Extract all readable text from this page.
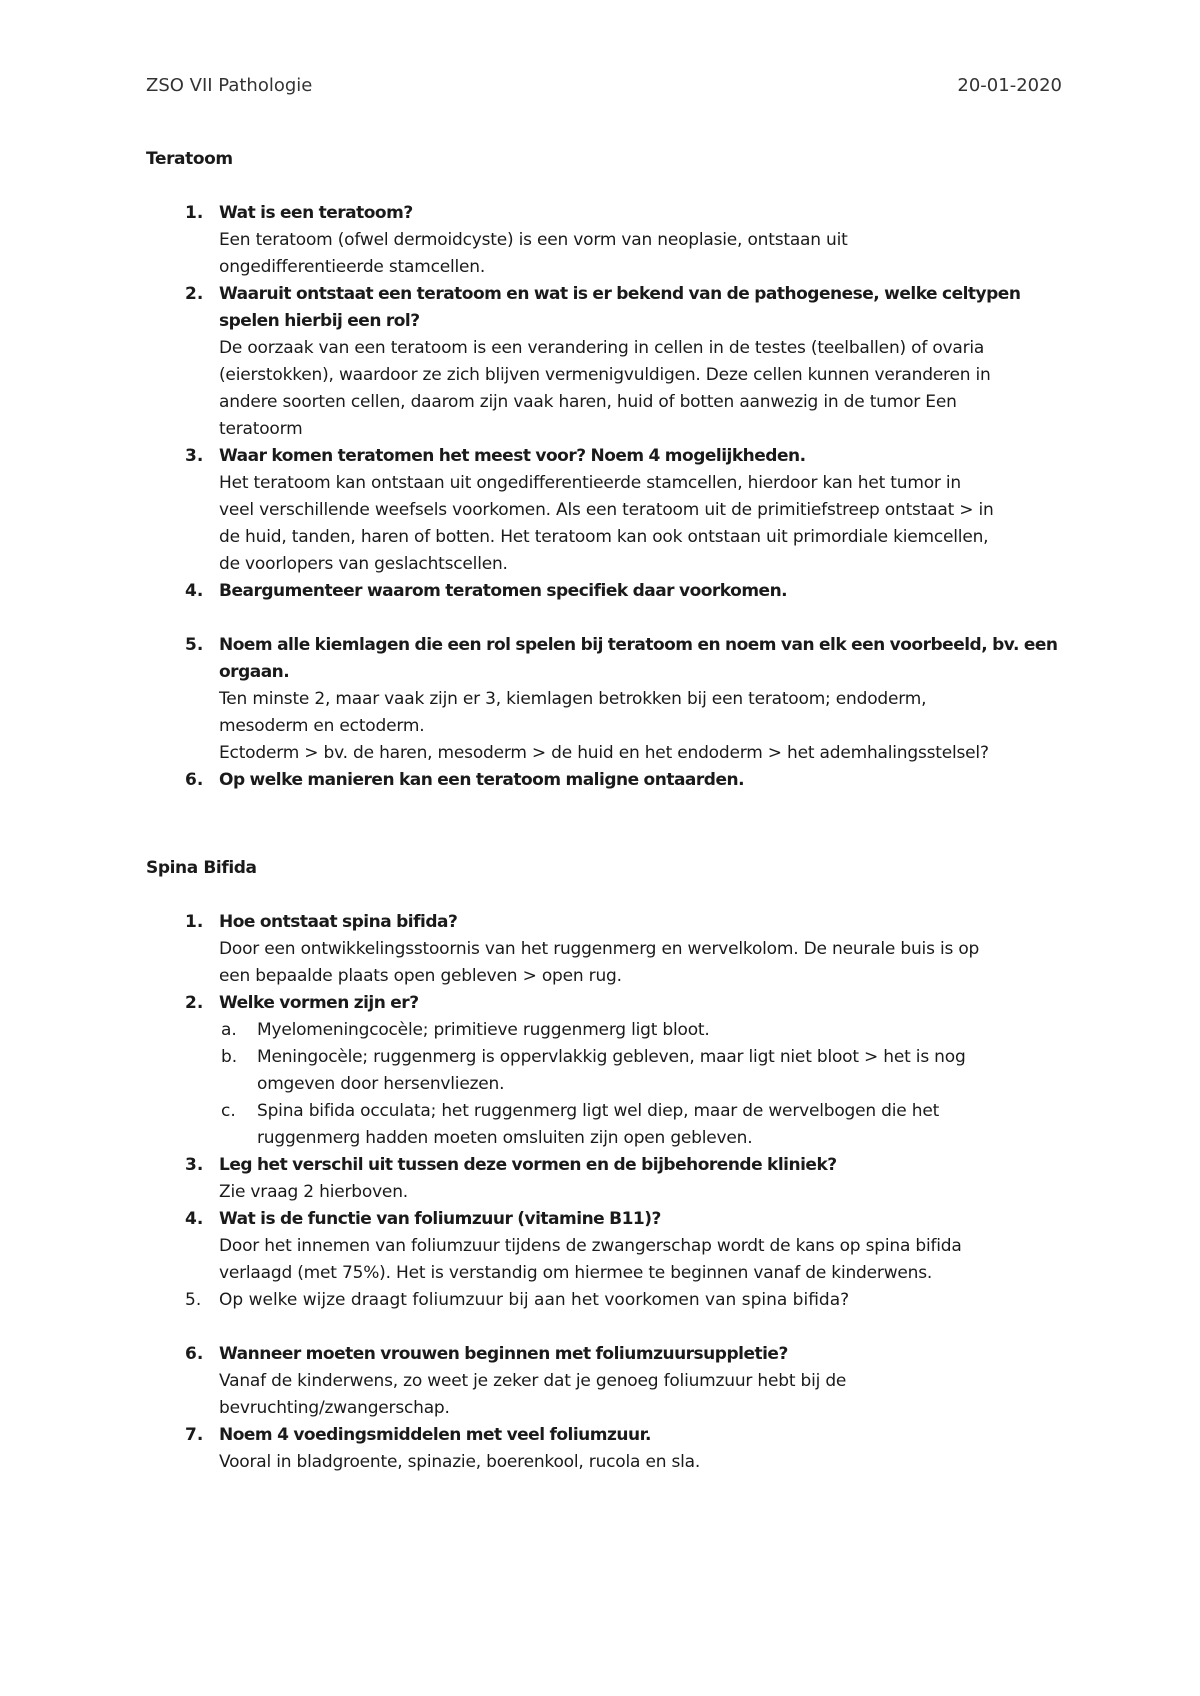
ZSO VII Pathologie	20-01-2020
Teratoom
1. Wat is een teratoom?
Een teratoom (ofwel dermoidcyste) is een vorm van neoplasie, ontstaan uit
ongedifferentieerde stamcellen.
2. Waaruit ontstaat een teratoom en wat is er bekend van de pathogenese, welke celtypen
spelen hierbij een rol?
De oorzaak van een teratoom is een verandering in cellen in de testes (teelballen) of ovaria
(eierstokken), waardoor ze zich blijven vermenigvuldigen. Deze cellen kunnen veranderen in
andere soorten cellen, daarom zijn vaak haren, huid of botten aanwezig in de tumor Een
teratoorm
3. Waar komen teratomen het meest voor? Noem 4 mogelijkheden.
Het teratoom kan ontstaan uit ongedifferentieerde stamcellen, hierdoor kan het tumor in
veel verschillende weefsels voorkomen. Als een teratoom uit de primitiefstreep ontstaat > in
de huid, tanden, haren of botten. Het teratoom kan ook ontstaan uit primordiale kiemcellen,
de voorlopers van geslachtscellen.
4. Beargumenteer waarom teratomen specifiek daar voorkomen.
5. Noem alle kiemlagen die een rol spelen bij teratoom en noem van elk een voorbeeld, bv. een
orgaan.
Ten minste 2, maar vaak zijn er 3, kiemlagen betrokken bij een teratoom; endoderm,
mesoderm en ectoderm.
Ectoderm > bv. de haren, mesoderm > de huid en het endoderm > het ademhalingsstelsel?
6. Op welke manieren kan een teratoom maligne ontaarden.
Spina Bifida
1. Hoe ontstaat spina bifida?
Door een ontwikkelingsstoornis van het ruggenmerg en wervelkolom. De neurale buis is op
een bepaalde plaats open gebleven > open rug.
2. Welke vormen zijn er?
a. Myelomeningcocèle; primitieve ruggenmerg ligt bloot.
b. Meningocèle; ruggenmerg is oppervlakkig gebleven, maar ligt niet bloot > het is nog
omgeven door hersenvliezen.
c. Spina bifida occulata; het ruggenmerg ligt wel diep, maar de wervelbogen die het
ruggenmerg hadden moeten omsluiten zijn open gebleven.
3. Leg het verschil uit tussen deze vormen en de bijbehorende kliniek?
Zie vraag 2 hierboven.
4. Wat is de functie van foliumzuur (vitamine B11)?
Door het innemen van foliumzuur tijdens de zwangerschap wordt de kans op spina bifida
verlaagd (met 75%). Het is verstandig om hiermee te beginnen vanaf de kinderwens.
5.	Op welke wijze draagt foliumzuur bij aan het voorkomen van spina bifida?
6. Wanneer moeten vrouwen beginnen met foliumzuursuppletie?
Vanaf de kinderwens, zo weet je zeker dat je genoeg foliumzuur hebt bij de
bevruchting/zwangerschap.
7. Noem 4 voedingsmiddelen met veel foliumzuur.
Vooral in bladgroente, spinazie, boerenkool, rucola en sla.
